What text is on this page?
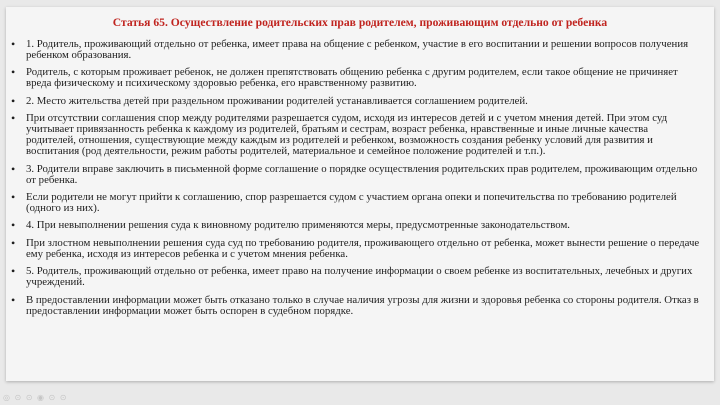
Статья 65. Осуществление родительских прав родителем, проживающим отдельно от ребенка
• 1. Родитель, проживающий отдельно от ребенка, имеет права на общение с ребенком, участие в его воспитании и решении вопросов получения ребенком образования.
• Родитель, с которым проживает ребенок, не должен препятствовать общению ребенка с другим родителем, если такое общение не причиняет вреда физическому и психическому здоровью ребенка, его нравственному развитию.
• 2. Место жительства детей при раздельном проживании родителей устанавливается соглашением родителей.
• При отсутствии соглашения спор между родителями разрешается судом, исходя из интересов детей и с учетом мнения детей. При этом суд учитывает привязанность ребенка к каждому из родителей, братьям и сестрам, возраст ребенка, нравственные и иные личные качества родителей, отношения, существующие между каждым из родителей и ребенком, возможность создания ребенку условий для развития и воспитания (род деятельности, режим работы родителей, материальное и семейное положение родителей и т.п.).
• 3. Родители вправе заключить в письменной форме соглашение о порядке осуществления родительских прав родителем, проживающим отдельно от ребенка.
• Если родители не могут прийти к соглашению, спор разрешается судом с участием органа опеки и попечительства по требованию родителей (одного из них).
• 4. При невыполнении решения суда к виновному родителю применяются меры, предусмотренные законодательством.
• При злостном невыполнении решения суда суд по требованию родителя, проживающего отдельно от ребенка, может вынести решение о передаче ему ребенка, исходя из интересов ребенка и с учетом мнения ребенка.
• 5. Родитель, проживающий отдельно от ребенка, имеет право на получение информации о своем ребенке из воспитательных, лечебных и других учреждений.
• В предоставлении информации может быть отказано только в случае наличия угрозы для жизни и здоровья ребенка со стороны родителя. Отказ в предоставлении информации может быть оспорен в судебном порядке.
◎ ⊙ ⊙ ◉ ⊙ ⊙
